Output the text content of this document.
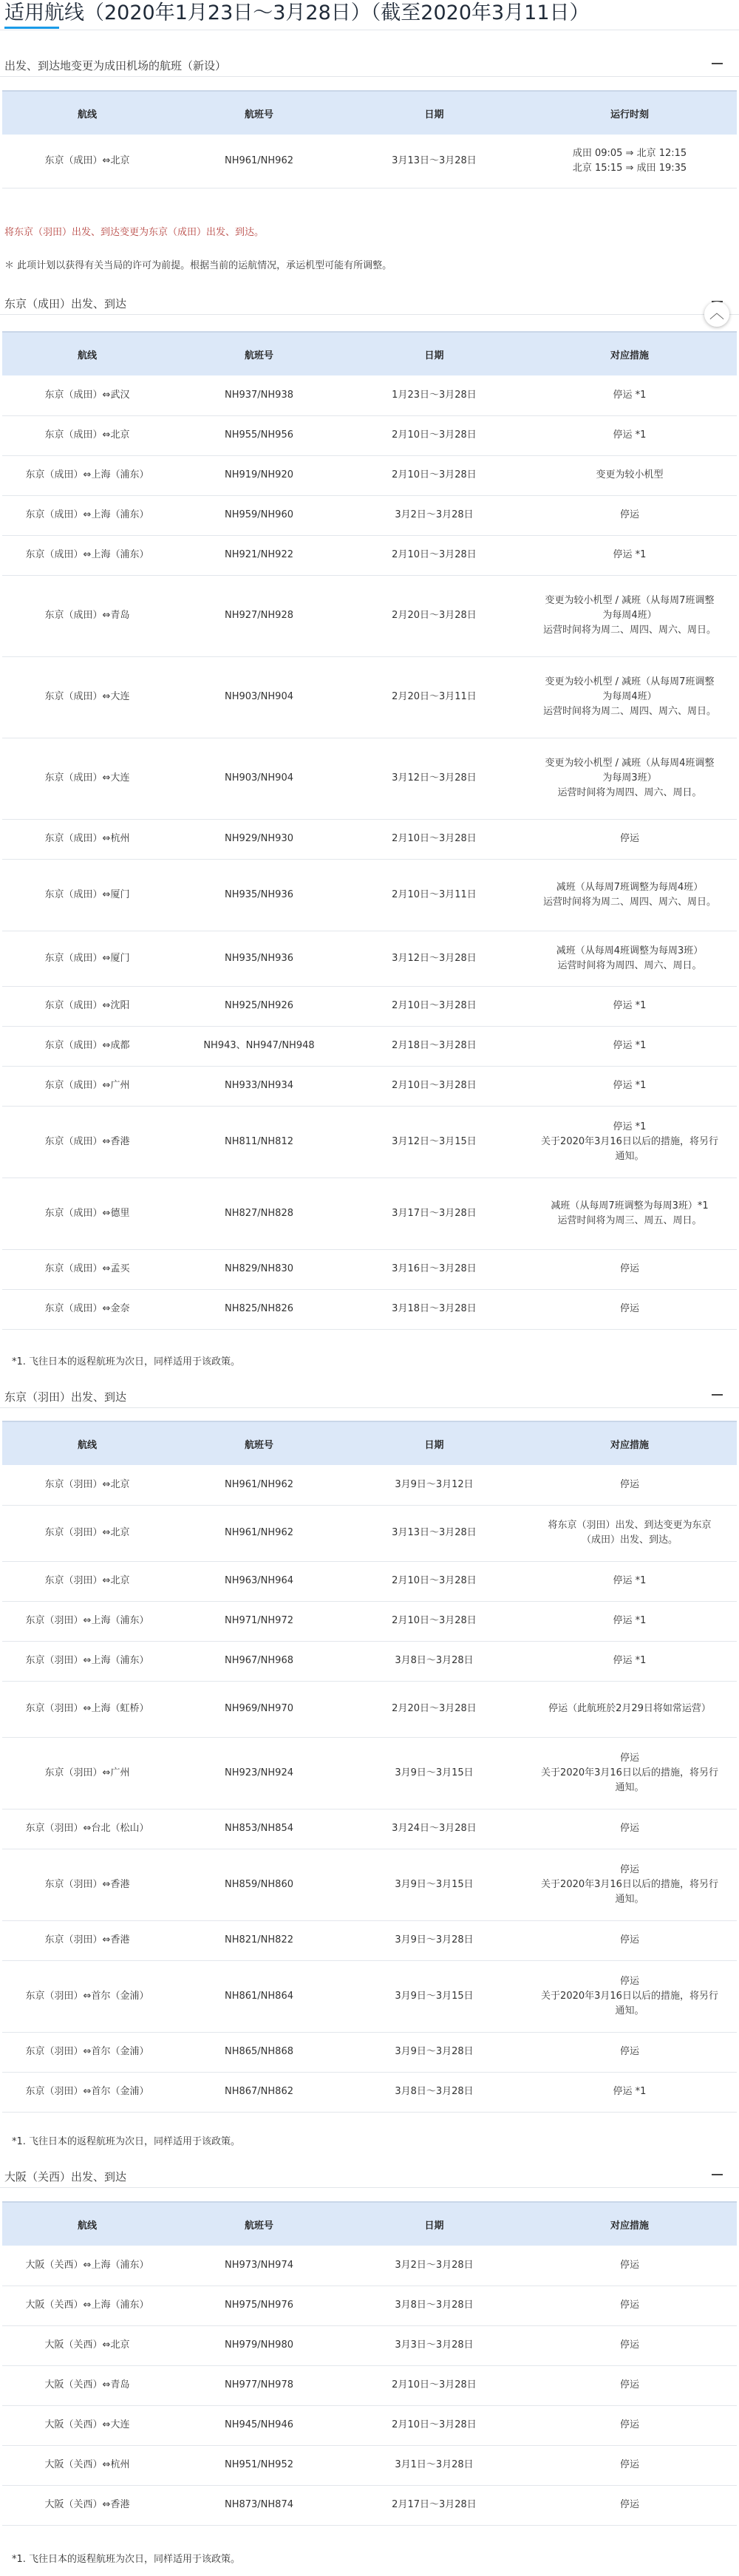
适用航线（2020年1月23日～3月28日）（截至2020年3月11日）
出发、到达地变更为成田机场的航班（新设）
航线	航班号	日期	运行时刻
东京（成田）⇔北京	NH961/NH962	3月13日～3月28日	成田 09:05 ⇒ 北京 12:15
北京 15:15 ⇒ 成田 19:35
将东京（羽田）出发、到达变更为东京（成田）出发、到达。
＊ 此项计划以获得有关当局的许可为前提。根据当前的运航情况，承运机型可能有所调整。
东京（成田）出发、到达	︿
航线	航班号	日期	对应措施
东京（成田）⇔武汉	NH937/NH938	1月23日～3月28日	停运 *1
东京（成田）⇔北京	NH955/NH956	2月10日～3月28日	停运 *1
东京（成田）⇔上海（浦东）	NH919/NH920	2月10日～3月28日	变更为较小机型
东京（成田）⇔上海（浦东）	NH959/NH960	3月2日～3月28日	停运
东京（成田）⇔上海（浦东）	NH921/NH922	2月10日～3月28日	停运 *1
东京（成田）⇔青岛	NH927/NH928	2月20日～3月28日	变更为较小机型 / 减班（从每周7班调整为每周4班）
运营时间将为周二、周四、周六、周日。
东京（成田）⇔大连	NH903/NH904	2月20日～3月11日	变更为较小机型 / 减班（从每周7班调整为每周4班）
运营时间将为周二、周四、周六、周日。
东京（成田）⇔大连	NH903/NH904	3月12日～3月28日	变更为较小机型 / 减班（从每周4班调整为每周3班）
运营时间将为周四、周六、周日。
东京（成田）⇔杭州	NH929/NH930	2月10日～3月28日	停运
东京（成田）⇔厦门	NH935/NH936	2月10日～3月11日	减班（从每周7班调整为每周4班）
运营时间将为周二、周四、周六、周日。
东京（成田）⇔厦门	NH935/NH936	3月12日～3月28日	减班（从每周4班调整为每周3班）
运营时间将为周四、周六、周日。
东京（成田）⇔沈阳	NH925/NH926	2月10日～3月28日	停运 *1
东京（成田）⇔成都	NH943、NH947/NH948	2月18日～3月28日	停运 *1
东京（成田）⇔广州	NH933/NH934	2月10日～3月28日	停运 *1
东京（成田）⇔香港	NH811/NH812	3月12日～3月15日	停运 *1
关于2020年3月16日以后的措施，将另行通知。
东京（成田）⇔德里	NH827/NH828	3月17日～3月28日	减班（从每周7班调整为每周3班）*1
运营时间将为周三、周五、周日。
东京（成田）⇔孟买	NH829/NH830	3月16日～3月28日	停运
东京（成田）⇔金奈	NH825/NH826	3月18日～3月28日	停运
*1. 飞往日本的返程航班为次日，同样适用于该政策。
东京（羽田）出发、到达
航线	航班号	日期	对应措施
东京（羽田）⇔北京	NH961/NH962	3月9日～3月12日	停运
东京（羽田）⇔北京	NH961/NH962	3月13日～3月28日	将东京（羽田）出发、到达变更为东京（成田）出发、到达。
东京（羽田）⇔北京	NH963/NH964	2月10日～3月28日	停运 *1
东京（羽田）⇔上海（浦东）	NH971/NH972	2月10日～3月28日	停运 *1
东京（羽田）⇔上海（浦东）	NH967/NH968	3月8日～3月28日	停运 *1
东京（羽田）⇔上海（虹桥）	NH969/NH970	2月20日～3月28日	停运（此航班於2月29日将如常运营）
东京（羽田）⇔广州	NH923/NH924	3月9日～3月15日	停运
关于2020年3月16日以后的措施，将另行通知。
东京（羽田）⇔台北（松山）	NH853/NH854	3月24日～3月28日	停运
东京（羽田）⇔香港	NH859/NH860	3月9日～3月15日	停运
关于2020年3月16日以后的措施，将另行通知。
东京（羽田）⇔香港	NH821/NH822	3月9日～3月28日	停运
东京（羽田）⇔首尔（金浦）	NH861/NH864	3月9日～3月15日	停运
关于2020年3月16日以后的措施，将另行通知。
东京（羽田）⇔首尔（金浦）	NH865/NH868	3月9日～3月28日	停运
东京（羽田）⇔首尔（金浦）	NH867/NH862	3月8日～3月28日	停运 *1
*1. 飞往日本的返程航班为次日，同样适用于该政策。
大阪（关西）出发、到达
航线	航班号	日期	对应措施
大阪（关西）⇔上海（浦东）	NH973/NH974	3月2日～3月28日	停运
大阪（关西）⇔上海（浦东）	NH975/NH976	3月8日～3月28日	停运
大阪（关西）⇔北京	NH979/NH980	3月3日～3月28日	停运
大阪（关西）⇔青岛	NH977/NH978	2月10日～3月28日	停运
大阪（关西）⇔大连	NH945/NH946	2月10日～3月28日	停运
大阪（关西）⇔杭州	NH951/NH952	3月1日～3月28日	停运
大阪（关西）⇔香港	NH873/NH874	2月17日～3月28日	停运
*1. 飞往日本的返程航班为次日，同样适用于该政策。
